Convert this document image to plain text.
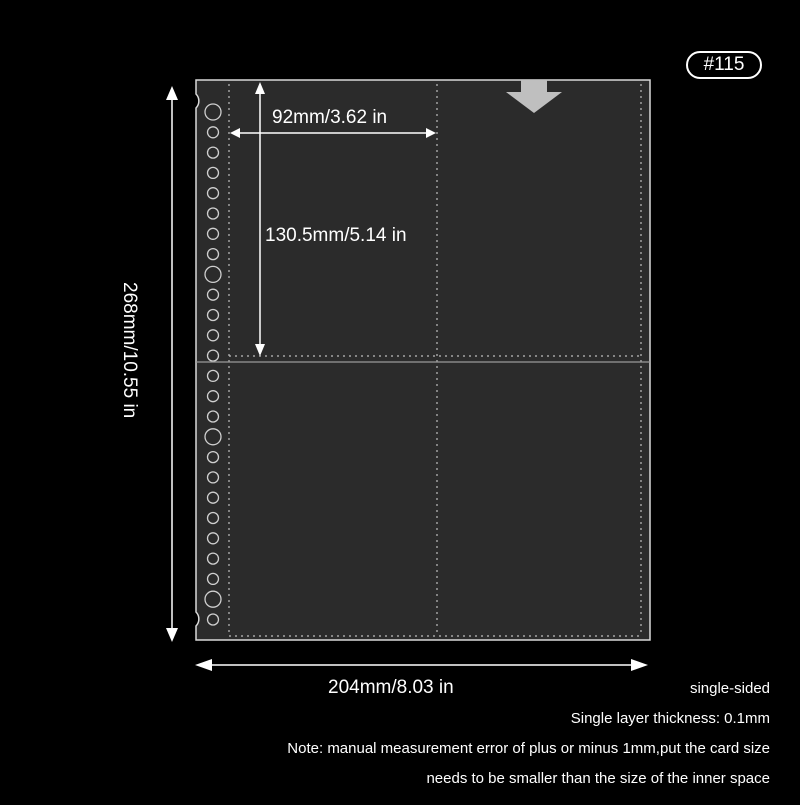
#115
92mm/3.62 in
130.5mm/5.14 in
204mm/8.03 in
268mm/10.55 in
single-sided
Single layer thickness: 0.1mm
Note: manual measurement error of plus or minus 1mm,put the card size
needs to be smaller than the size of the inner space
